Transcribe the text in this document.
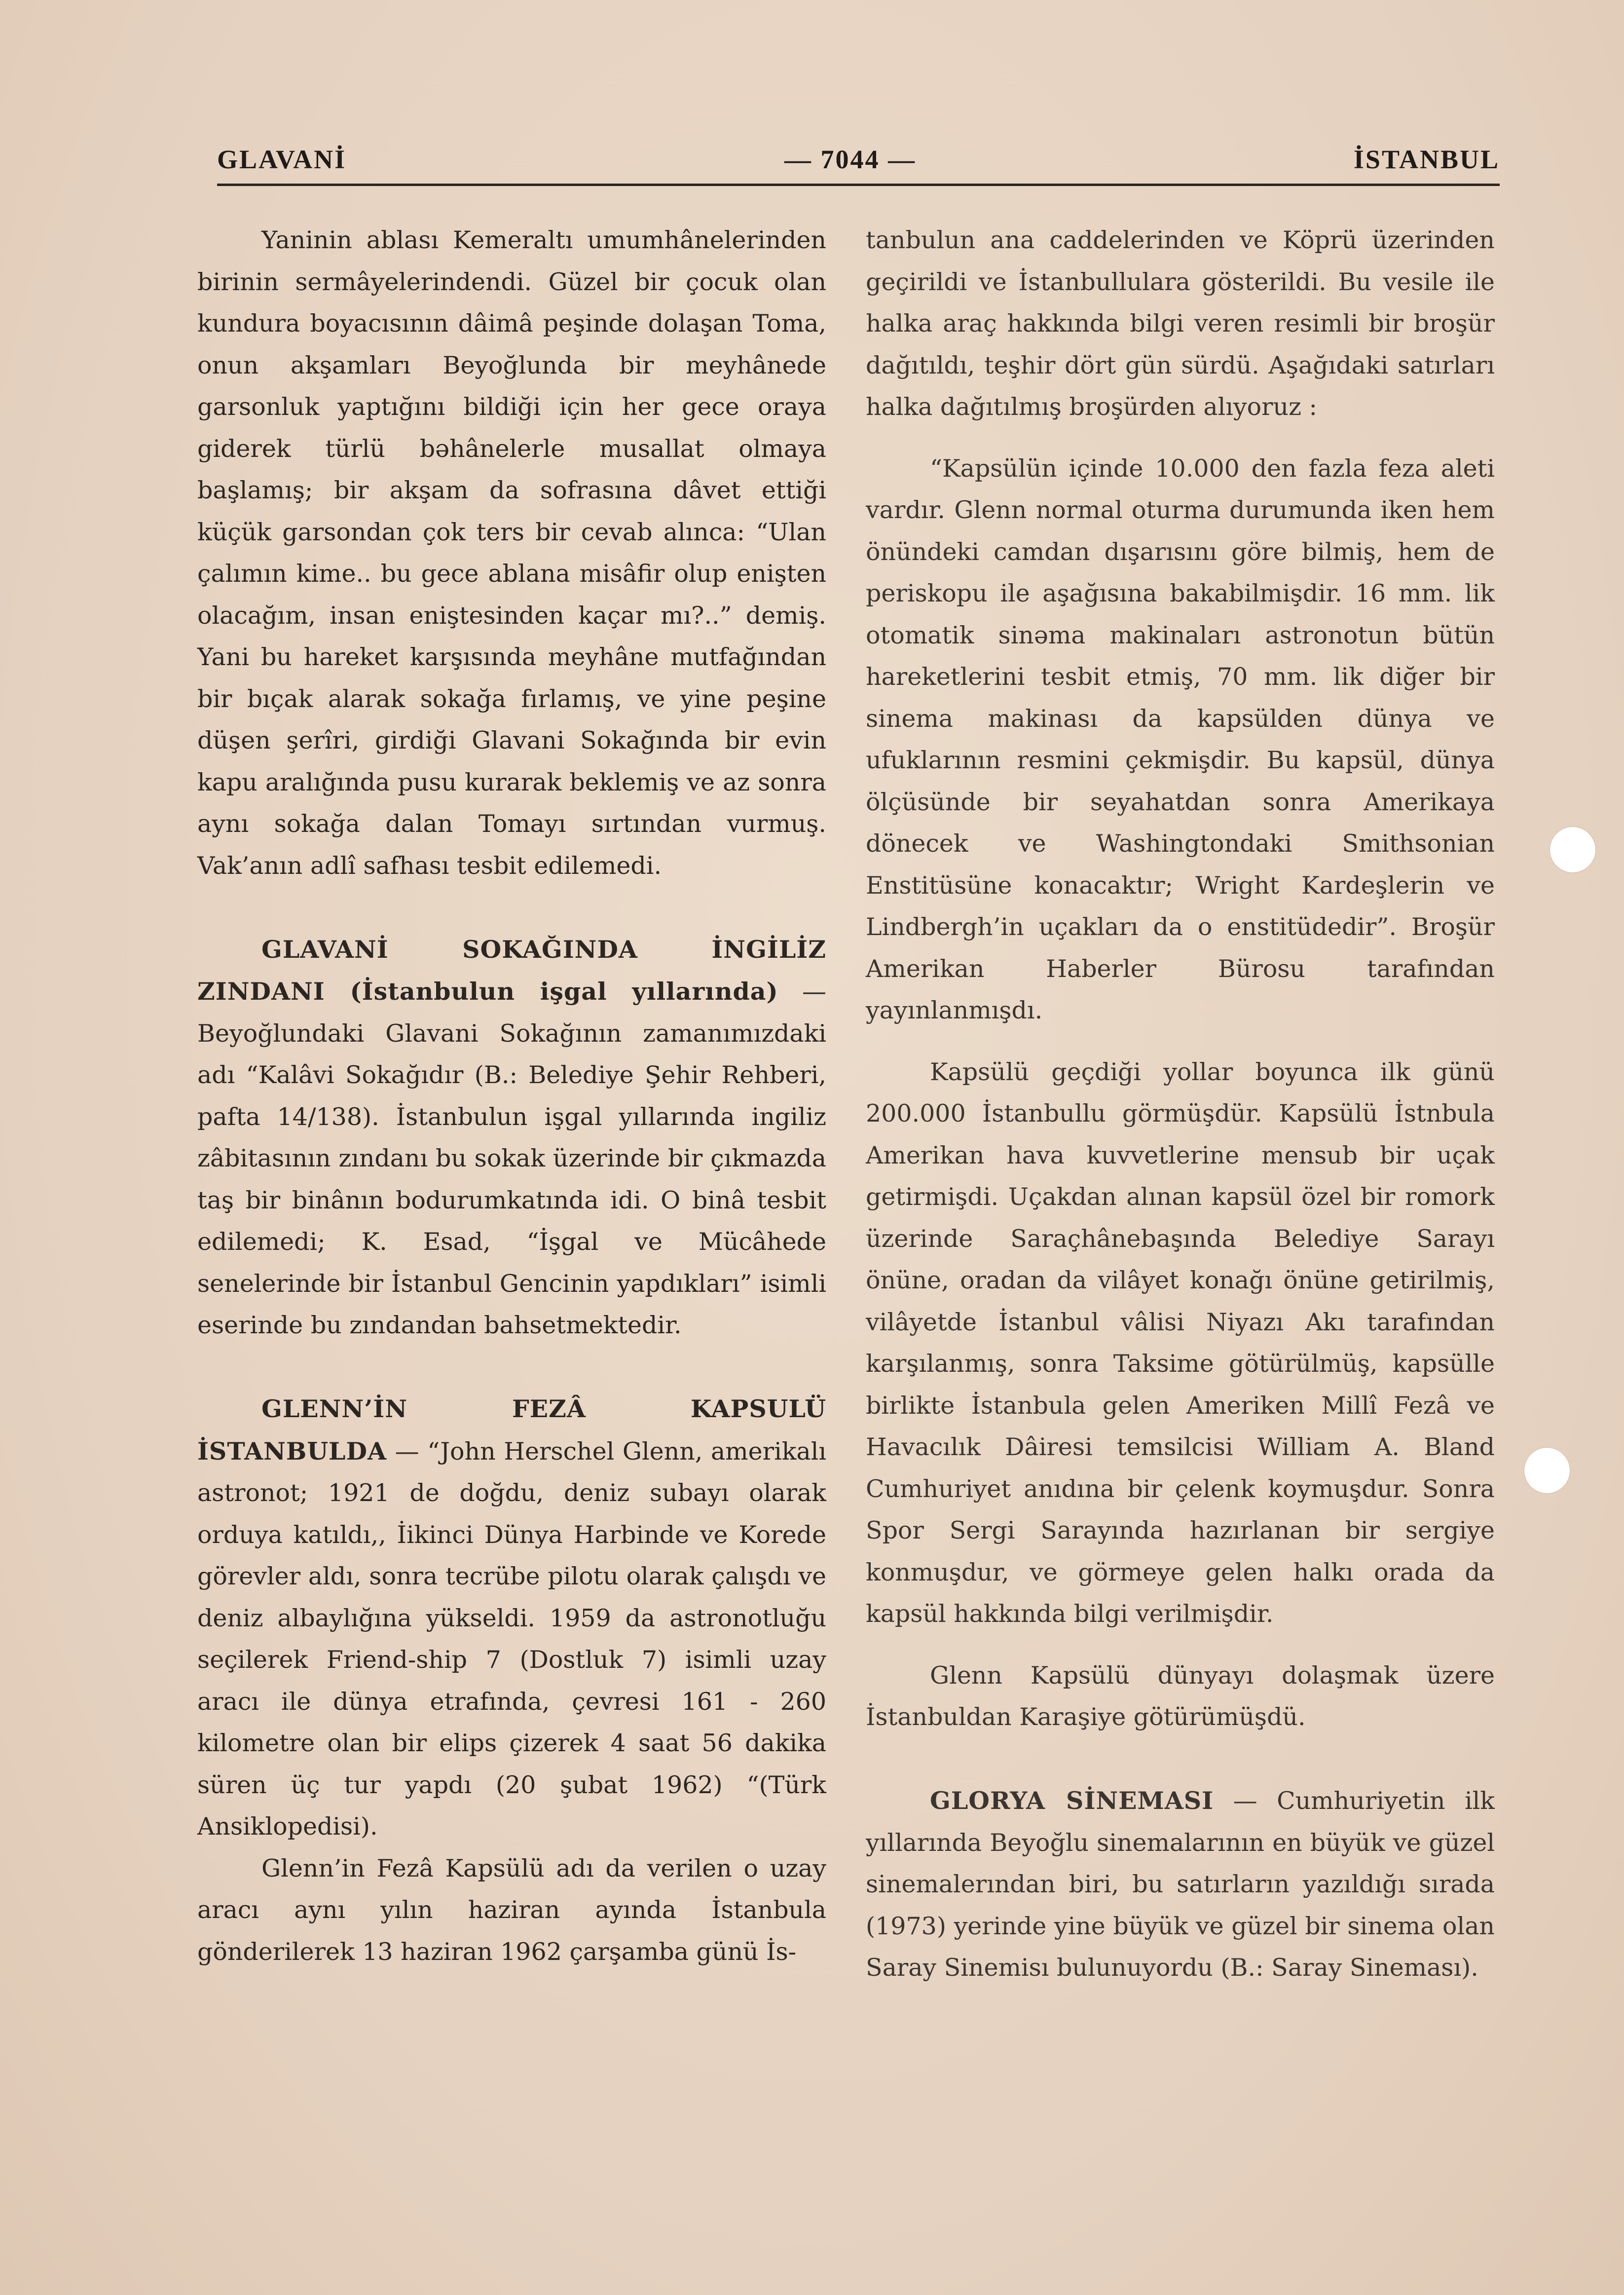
GLAVANİ	— 7044 —	İSTANBUL

Yaninin ablası Kemeraltı umumhânelerinden birinin sermâyelerindendi. Güzel bir çocuk olan kundura boyacısının dâimâ peşinde dolaşan Toma, onun akşamları Beyoğlunda bir meyhânede garsonluk yaptığını bildiği için her gece oraya giderek türlü bəhânelerle musallat olmaya başlamış; bir akşam da sofrasına dâvet ettiği küçük garsondan çok ters bir cevab alınca: “Ulan çalımın kime.. bu gece ablana misâfir olup enişten olacağım, insan eniştesinden kaçar mı?..” demiş. Yani bu hareket karşısında meyhâne mutfağından bir bıçak alarak sokağa fırlamış, ve yine peşine düşen şerîri, girdiği Glavani Sokağında bir evin kapu aralığında pusu kurarak beklemiş ve az sonra aynı sokağa dalan Tomayı sırtından vurmuş. Vak’anın adlî safhası tesbit edilemedi.

GLAVANİ SOKAĞINDA İNGİLİZ ZINDANI (İstanbulun işgal yıllarında) — Beyoğlundaki Glavani Sokağının zamanımızdaki adı “Kalâvi Sokağıdır (B.: Belediye Şehir Rehberi, pafta 14/138). İstanbulun işgal yıllarında ingiliz zâbitasının zındanı bu sokak üzerinde bir çıkmazda taş bir binânın bodurumkatında idi. O binâ tesbit edilemedi; K. Esad, “İşgal ve Mücâhede senelerinde bir İstanbul Gencinin yapdıkları” isimli eserinde bu zındandan bahsetmektedir.

GLENN’İN FEZÂ KAPSULÜ İSTANBULDA — “John Herschel Glenn, amerikalı astronot; 1921 de doğdu, deniz subayı olarak orduya katıldı,, İikinci Dünya Harbinde ve Korede görevler aldı, sonra tecrübe pilotu olarak çalışdı ve deniz albaylığına yükseldi. 1959 da astronotluğu seçilerek Friend-ship 7 (Dostluk 7) isimli uzay aracı ile dünya etrafında, çevresi 161 - 260 kilometre olan bir elips çizerek 4 saat 56 dakika süren üç tur yapdı (20 şubat 1962) “(Türk Ansiklopedisi).

Glenn’in Fezâ Kapsülü adı da verilen o uzay aracı aynı yılın haziran ayında İstanbula gönderilerek 13 haziran 1962 çarşamba günü İs-

tanbulun ana caddelerinden ve Köprü üzerinden geçirildi ve İstanbullulara gösterildi. Bu vesile ile halka araç hakkında bilgi veren resimli bir broşür dağıtıldı, teşhir dört gün sürdü. Aşağıdaki satırları halka dağıtılmış broşürden alıyoruz :

“Kapsülün içinde 10.000 den fazla feza aleti vardır. Glenn normal oturma durumunda iken hem önündeki camdan dışarısını göre bilmiş, hem de periskopu ile aşağısına bakabilmişdir. 16 mm. lik otomatik sinəma makinaları astronotun bütün hareketlerini tesbit etmiş, 70 mm. lik diğer bir sinema makinası da kapsülden dünya ve ufuklarının resmini çekmişdir. Bu kapsül, dünya ölçüsünde bir seyahatdan sonra Amerikaya dönecek ve Washingtondaki Smithsonian Enstitüsüne konacaktır; Wright Kardeşlerin ve Lindbergh’in uçakları da o enstitüdedir”. Broşür Amerikan Haberler Bürosu tarafından yayınlanmışdı.

Kapsülü geçdiği yollar boyunca ilk günü 200.000 İstanbullu görmüşdür. Kapsülü İstnbula Amerikan hava kuvvetlerine mensub bir uçak getirmişdi. Uçakdan alınan kapsül özel bir romork üzerinde Saraçhânebaşında Belediye Sarayı önüne, oradan da vilâyet konağı önüne getirilmiş, vilâyetde İstanbul vâlisi Niyazı Akı tarafından karşılanmış, sonra Taksime götürülmüş, kapsülle birlikte İstanbula gelen Ameriken Millî Fezâ ve Havacılık Dâiresi temsilcisi William A. Bland Cumhuriyet anıdına bir çelenk koymuşdur. Sonra Spor Sergi Sarayında hazırlanan bir sergiye konmuşdur, ve görmeye gelen halkı orada da kapsül hakkında bilgi verilmişdir.

Glenn Kapsülü dünyayı dolaşmak üzere İstanbuldan Karaşiye götürümüşdü.

GLORYA SİNEMASI — Cumhuriyetin ilk yıllarında Beyoğlu sinemalarının en büyük ve güzel sinemalerından biri, bu satırların yazıldığı sırada (1973) yerinde yine büyük ve güzel bir sinema olan Saray Sinemisı bulunuyordu (B.: Saray Sineması).
